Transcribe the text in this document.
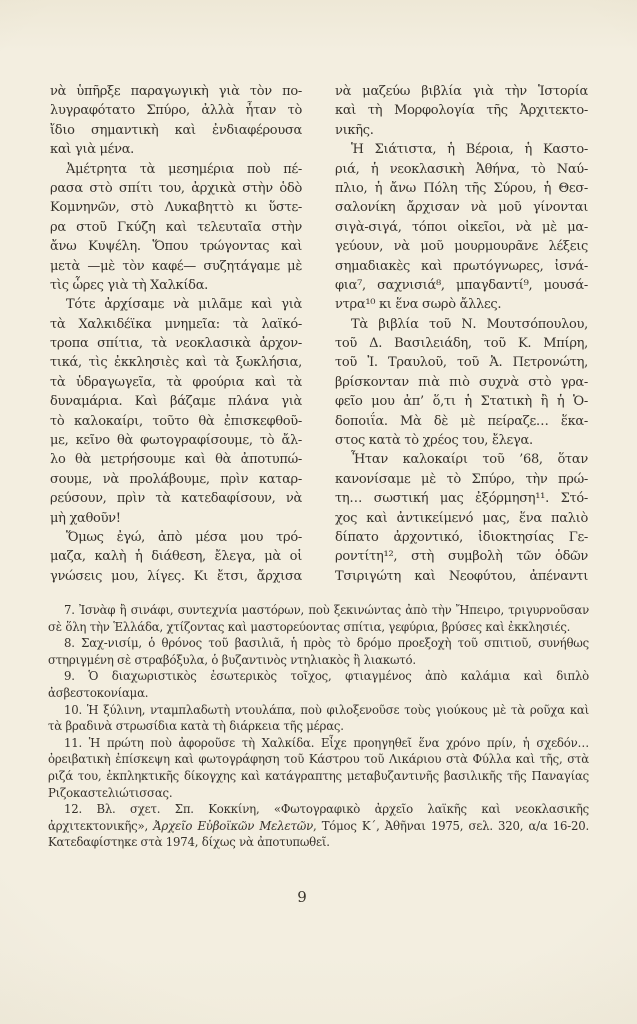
νὰ ὑπῆρξε παραγωγικὴ γιὰ τὸν πο-
λυγραφότατο Σπύρο, ἀλλὰ ἦταν τὸ
ἴδιο σημαντικὴ καὶ ἐνδιαφέρουσα
καὶ γιὰ μένα.
Ἀμέτρητα τὰ μεσημέρια ποὺ πέ-
ρασα στὸ σπίτι του, ἀρχικὰ στὴν ὁδὸ
Κομνηνῶν, στὸ Λυκαβηττὸ κι ὕστε-
ρα στοῦ Γκύζη καὶ τελευταῖα στὴν
ἄνω Κυψέλη. Ὅπου τρώγοντας καὶ
μετὰ —μὲ τὸν καφέ— συζητάγαμε μὲ
τὶς ὧρες γιὰ τὴ Χαλκίδα.
Τότε ἀρχίσαμε νὰ μιλᾶμε καὶ γιὰ
τὰ Χαλκιδέϊκα μνημεῖα: τὰ λαϊκό-
τροπα σπίτια, τὰ νεοκλασικὰ ἀρχον-
τικά, τὶς ἐκκλησιὲς καὶ τὰ ξωκλήσια,
τὰ ὑδραγωγεῖα, τὰ φρούρια καὶ τὰ
δυναμάρια. Καὶ βάζαμε πλάνα γιὰ
τὸ καλοκαίρι, τοῦτο θὰ ἐπισκεφθοῦ-
με, κεῖνο θὰ φωτογραφίσουμε, τὸ ἄλ-
λο θὰ μετρήσουμε καὶ θὰ ἀποτυπώ-
σουμε, νὰ προλάβουμε, πρὶν καταρ-
ρεύσουν, πρὶν τὰ κατεδαφίσουν, νὰ
μὴ χαθοῦν!
Ὅμως ἐγώ, ἀπὸ μέσα μου τρό-
μαζα, καλὴ ἡ διάθεση, ἔλεγα, μὰ οἱ
γνώσεις μου, λίγες. Κι ἔτσι, ἄρχισα
νὰ μαζεύω βιβλία γιὰ τὴν Ἱστορία
καὶ τὴ Μορφολογία τῆς Ἀρχιτεκτο-
νικῆς.
Ἡ Σιάτιστα, ἡ Βέροια, ἡ Καστο-
ριά, ἡ νεοκλασικὴ Ἀθήνα, τὸ Ναύ-
πλιο, ἡ ἄνω Πόλη τῆς Σύρου, ἡ Θεσ-
σαλονίκη ἄρχισαν νὰ μοῦ γίνονται
σιγὰ-σιγά, τόποι οἰκεῖοι, νὰ μὲ μα-
γεύουν, νὰ μοῦ μουρμουρᾶνε λέξεις
σημαδιακὲς καὶ πρωτόγνωρες, ἰσνά-
φια⁷, σαχνισιά⁸, μπαγδαντί⁹, μουσά-
ντρα¹⁰ κι ἕνα σωρὸ ἄλλες.
Τὰ βιβλία τοῦ Ν. Μουτσόπουλου,
τοῦ Δ. Βασιλειάδη, τοῦ Κ. Μπίρη,
τοῦ Ἰ. Τραυλοῦ, τοῦ Ἀ. Πετρονώτη,
βρίσκονταν πιὰ πιὸ συχνὰ στὸ γρα-
φεῖο μου ἀπ’ ὅ,τι ἡ Στατικὴ ἢ ἡ Ὁ-
δοποιΐα. Μὰ δὲ μὲ πείραζε… ἕκα-
στος κατὰ τὸ χρέος του, ἔλεγα.
Ἦταν καλοκαίρι τοῦ ’68, ὅταν
κανονίσαμε μὲ τὸ Σπύρο, τὴν πρώ-
τη… σωστική μας ἐξόρμηση¹¹. Στό-
χος καὶ ἀντικείμενό μας, ἕνα παλιὸ
δίπατο ἀρχοντικό, ἰδιοκτησίας Γε-
ροντίτη¹², στὴ συμβολὴ τῶν ὁδῶν
Τσιριγώτη καὶ Νεοφύτου, ἀπέναντι

7. Ἰσνὰφ ἢ σινάφι, συντεχνία μαστόρων, ποὺ ξεκινώντας ἀπὸ τὴν Ἤπειρο, τριγυρνοῦσαν σὲ ὅλη τὴν Ἑλλάδα, χτίζοντας καὶ μαστορεύοντας σπίτια, γεφύρια, βρύσες καὶ ἐκκλησιές.

8. Σαχ-νισίμ, ὁ θρόνος τοῦ βασιλιᾶ, ἡ πρὸς τὸ δρόμο προεξοχὴ τοῦ σπιτιοῦ, συνήθως στηριγμένη σὲ στραβόξυλα, ὁ βυζαντινὸς ντηλιακὸς ἢ λιακωτό.

9. Ὁ διαχωριστικὸς ἐσωτερικὸς τοῖχος, φτιαγμένος ἀπὸ καλάμια καὶ διπλὸ ἀσβεστοκονίαμα.

10. Ἡ ξύλινη, νταμπλαδωτὴ ντουλάπα, ποὺ φιλοξενοῦσε τοὺς γιούκους μὲ τὰ ροῦχα καὶ τὰ βραδινὰ στρωσίδια κατὰ τὴ διάρκεια τῆς μέρας.

11. Ἡ πρώτη ποὺ ἀφοροῦσε τὴ Χαλκίδα. Εἶχε προηγηθεῖ ἕνα χρόνο πρίν, ἡ σχεδόν… ὀρειβατικὴ ἐπίσκεψη καὶ φωτογράφηση τοῦ Κάστρου τοῦ Λικάριου στὰ Φύλλα καὶ τῆς, στὰ ριζά του, ἐκπληκτικῆς δίκογχης καὶ κατάγραπτης μεταβυζαντινῆς βασιλικῆς τῆς Παναγίας Ριζοκαστελιώτισσας.

12. Βλ. σχετ. Σπ. Κοκκίνη, «Φωτογραφικὸ ἀρχεῖο λαϊκῆς καὶ νεοκλασικῆς ἀρχιτεκτονικῆς», Ἀρχεῖο Εὐβοϊκῶν Μελετῶν, Τόμος Κ´, Ἀθῆναι 1975, σελ. 320, α/α 16-20. Κατεδαφίστηκε στὰ 1974, δίχως νὰ ἀποτυπωθεῖ.

9
